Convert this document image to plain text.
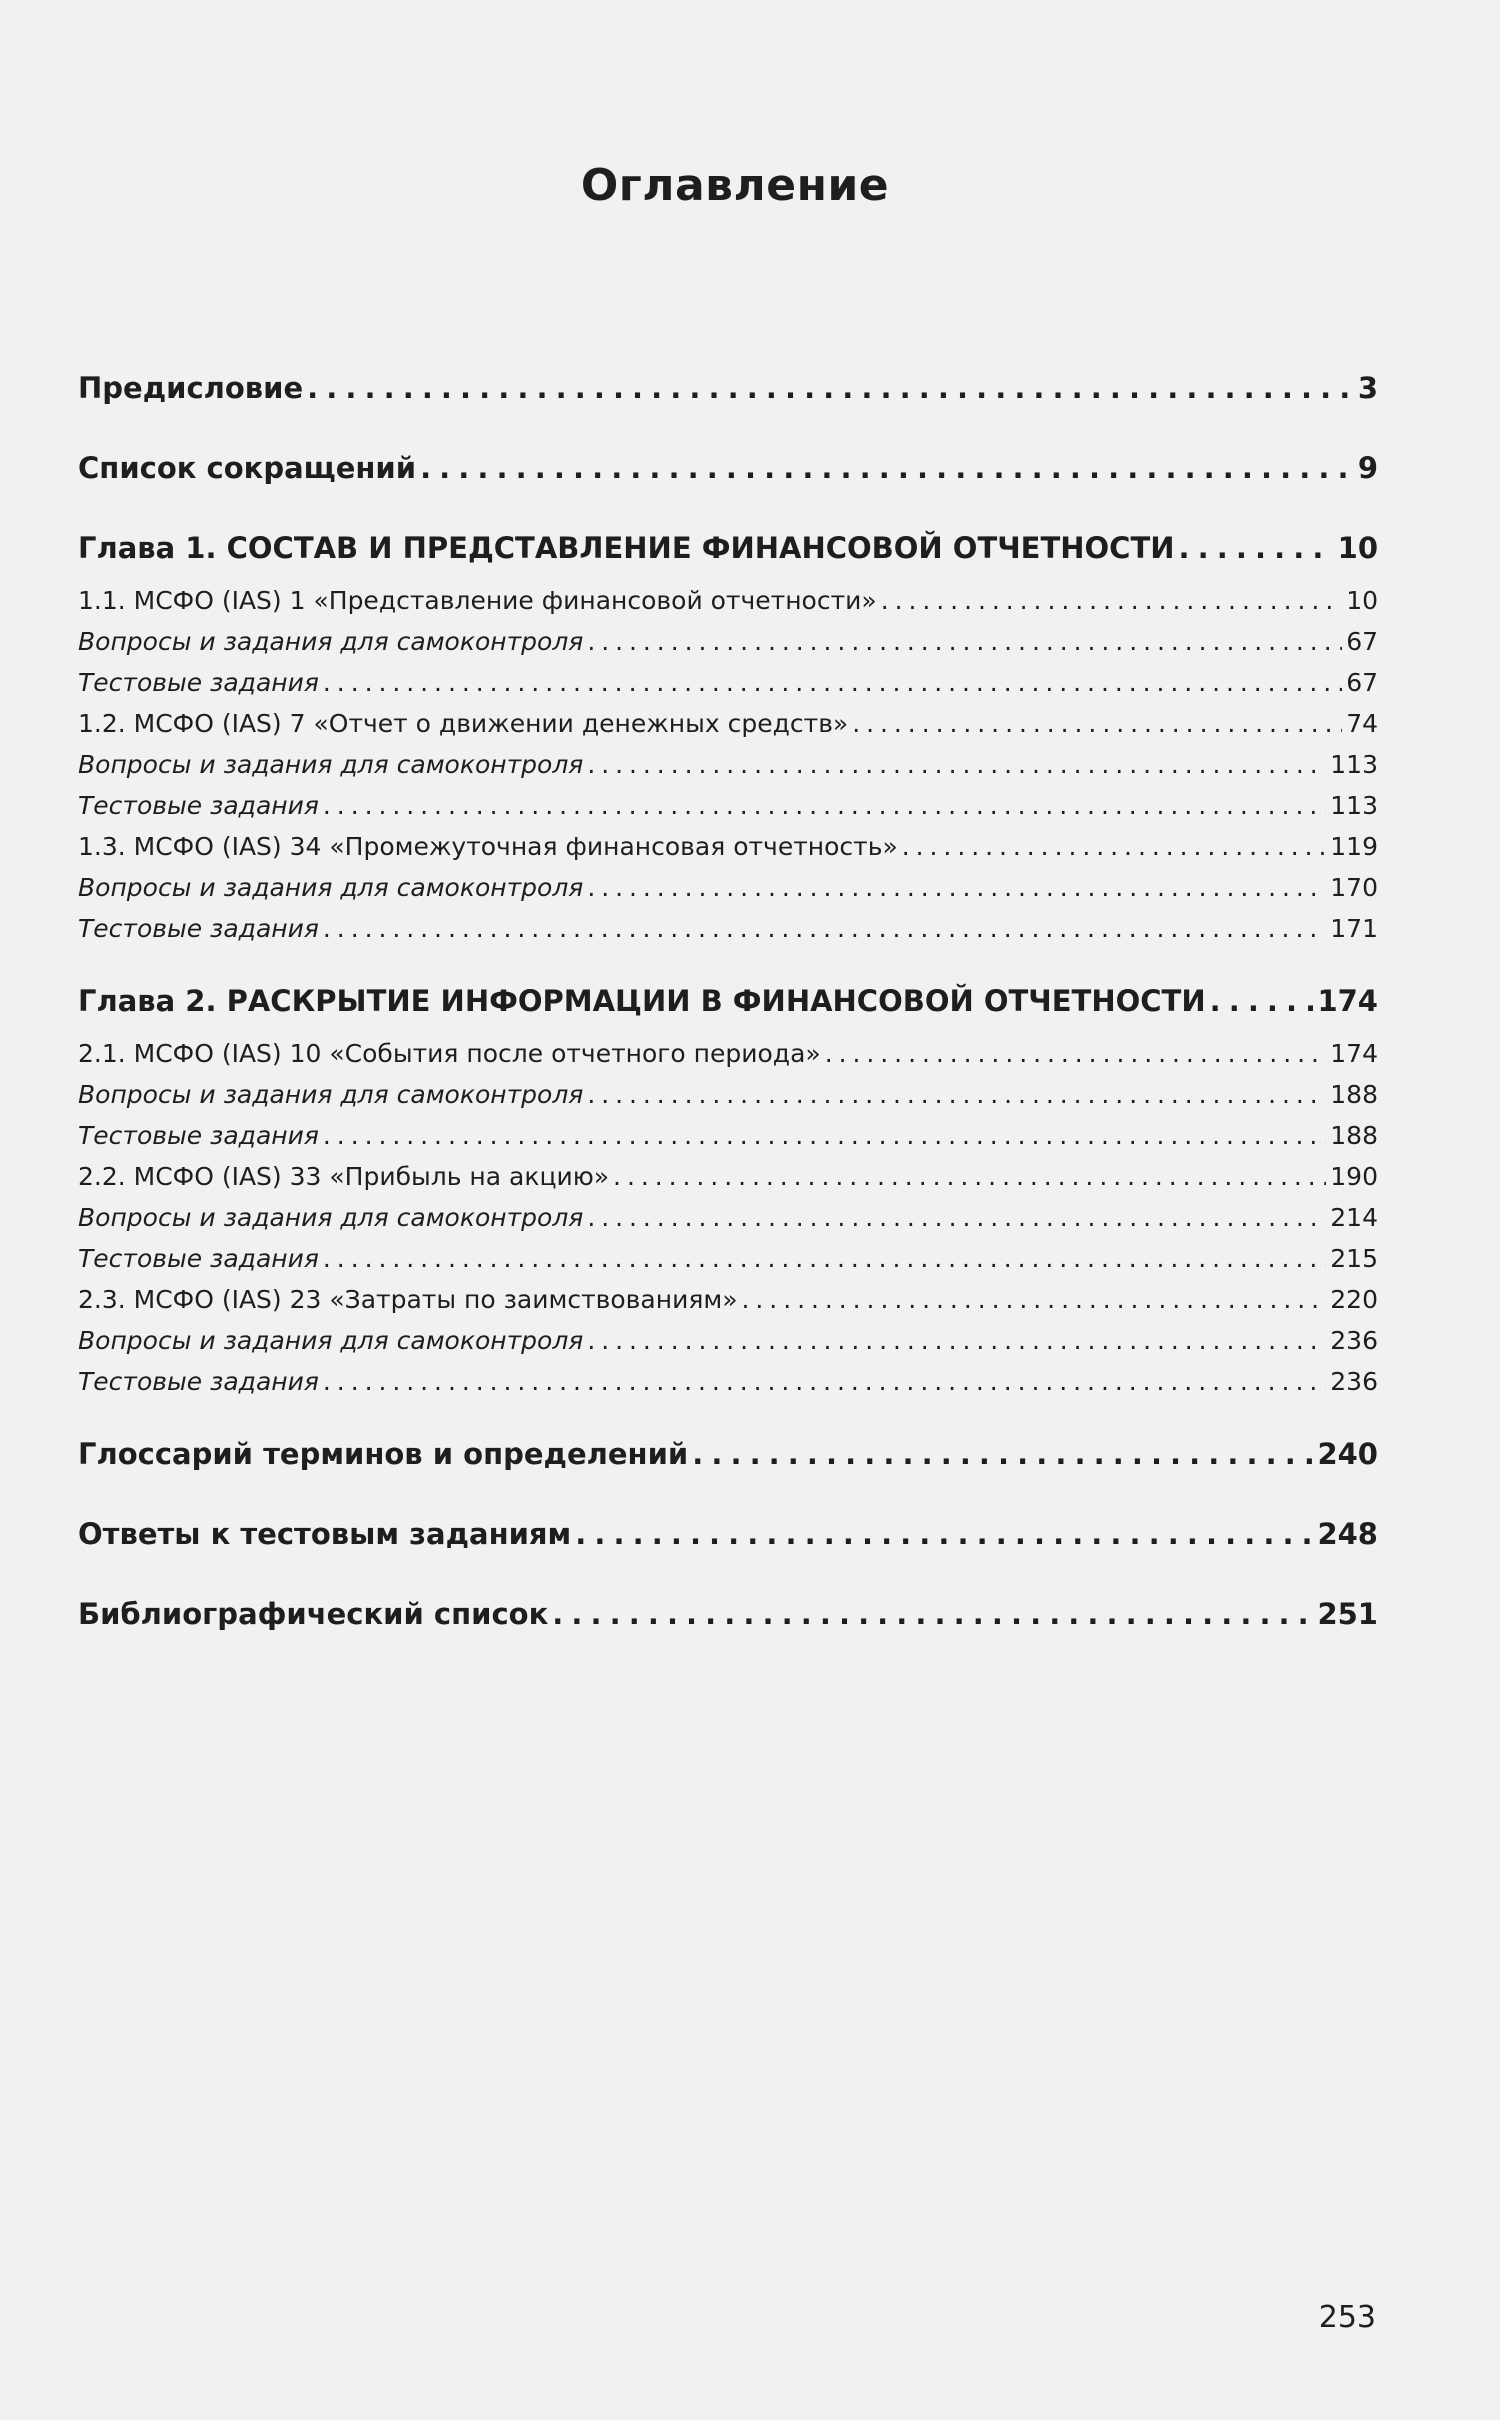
Оглавление
Предисловие . . .	3
Список сокращений . . .	9
Глава 1. СОСТАВ И ПРЕДСТАВЛЕНИЕ ФИНАНСОВОЙ ОТЧЕТНОСТИ . . .	10
1.1. МСФО (IAS) 1 «Представление финансовой отчетности» . . .	10
Вопросы и задания для самоконтроля . . .	67
Тестовые задания . . .	67
1.2. МСФО (IAS) 7 «Отчет о движении денежных средств» . . .	74
Вопросы и задания для самоконтроля . . .	113
Тестовые задания . . .	113
1.3. МСФО (IAS) 34 «Промежуточная финансовая отчетность» . . .	119
Вопросы и задания для самоконтроля . . .	170
Тестовые задания . . .	171
Глава 2. РАСКРЫТИЕ ИНФОРМАЦИИ В ФИНАНСОВОЙ ОТЧЕТНОСТИ . . .	174
2.1. МСФО (IAS) 10 «События после отчетного периода» . . .	174
Вопросы и задания для самоконтроля . . .	188
Тестовые задания . . .	188
2.2. МСФО (IAS) 33 «Прибыль на акцию» . . .	190
Вопросы и задания для самоконтроля . . .	214
Тестовые задания . . .	215
2.3. МСФО (IAS) 23 «Затраты по заимствованиям» . . .	220
Вопросы и задания для самоконтроля . . .	236
Тестовые задания . . .	236
Глоссарий терминов и определений . . .	240
Ответы к тестовым заданиям . . .	248
Библиографический список . . .	251
253
